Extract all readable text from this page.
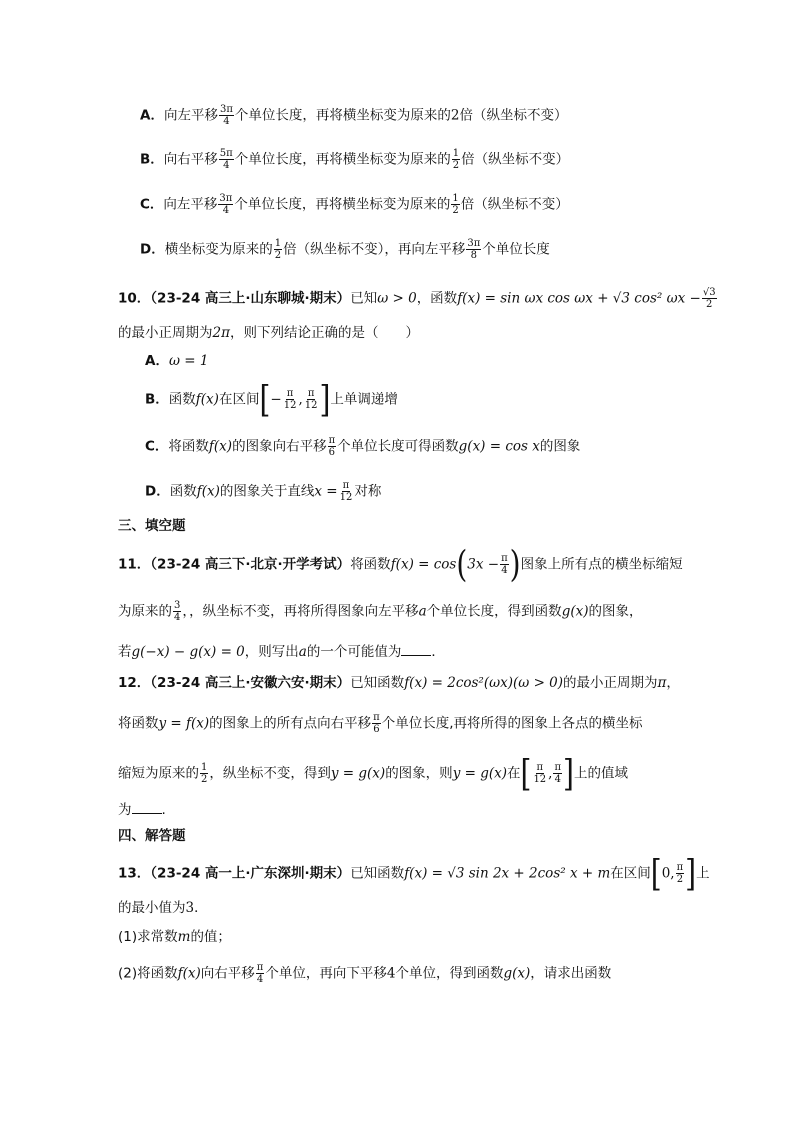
A．向左平移 $\frac{3\pi}{4}$ 个单位长度，再将横坐标变为原来的2倍（纵坐标不变）
B．向右平移 $\frac{5\pi}{4}$ 个单位长度，再将横坐标变为原来的 $\frac{1}{2}$ 倍（纵坐标不变）
C．向左平移 $\frac{3\pi}{4}$ 个单位长度，再将横坐标变为原来的 $\frac{1}{2}$ 倍（纵坐标不变）
D．横坐标变为原来的 $\frac{1}{2}$ 倍（纵坐标不变），再向左平移 $\frac{3\pi}{8}$ 个单位长度
10．（23-24 高三上·山东聊城·期末）已知ω > 0，函数f(x) = sin ωx cos ωx + √3 cos² $\omega x - \frac{√3}{2}$
的最小正周期为2π，则下列结论正确的是（　　）
A．ω = 1
B．函数f(x)在区间[− $\frac{\pi}{12}$ , $\frac{\pi}{12}$ ]上单调递增
C．将函数f(x)的图象向右平移 $\frac{\pi}{6}$ 个单位长度可得函数g(x) = cos x的图象
D．函数f(x)的图象关于直线$x = \frac{\pi}{12}$ 对称
三、填空题
11．（23-24 高三下·北京·开学考试）将函数$f(x) = \cos(3x - \frac{\pi}{4}$ )图象上所有点的横坐标缩短
为原来的 $\frac{3}{4}$ ，，纵坐标不变，再将所得图象向左平移a个单位长度，得到函数g(x)的图象，
若g(−x) − g(x) = 0，则写出a的一个可能值为 ．
12．（23-24 高三上·安徽六安·期末）已知函数f(x) = 2cos²(ωx)(ω > 0)的最小正周期为π，
将函数y = f(x)的图象上的所有点向右平移 $\frac{\pi}{6}$ 个单位长度,再将所得的图象上各点的横坐标
缩短为原来的 $\frac{1}{2}$ ，纵坐标不变，得到y = g(x)的图象，则y = g(x)在[ $\frac{\pi}{12}$ , $\frac{\pi}{4}$ ]上的值域
为 .
四、解答题
13．（23-24 高一上·广东深圳·期末）已知函数f(x) = √3 sin 2x + 2cos² x + m在区间[0, $\frac{\pi}{2}$ ]上
的最小值为3．
(1)求常数m的值；
(2)将函数f(x)向右平移 $\frac{\pi}{4}$ 个单位，再向下平移4个单位，得到函数g(x)，请求出函数
